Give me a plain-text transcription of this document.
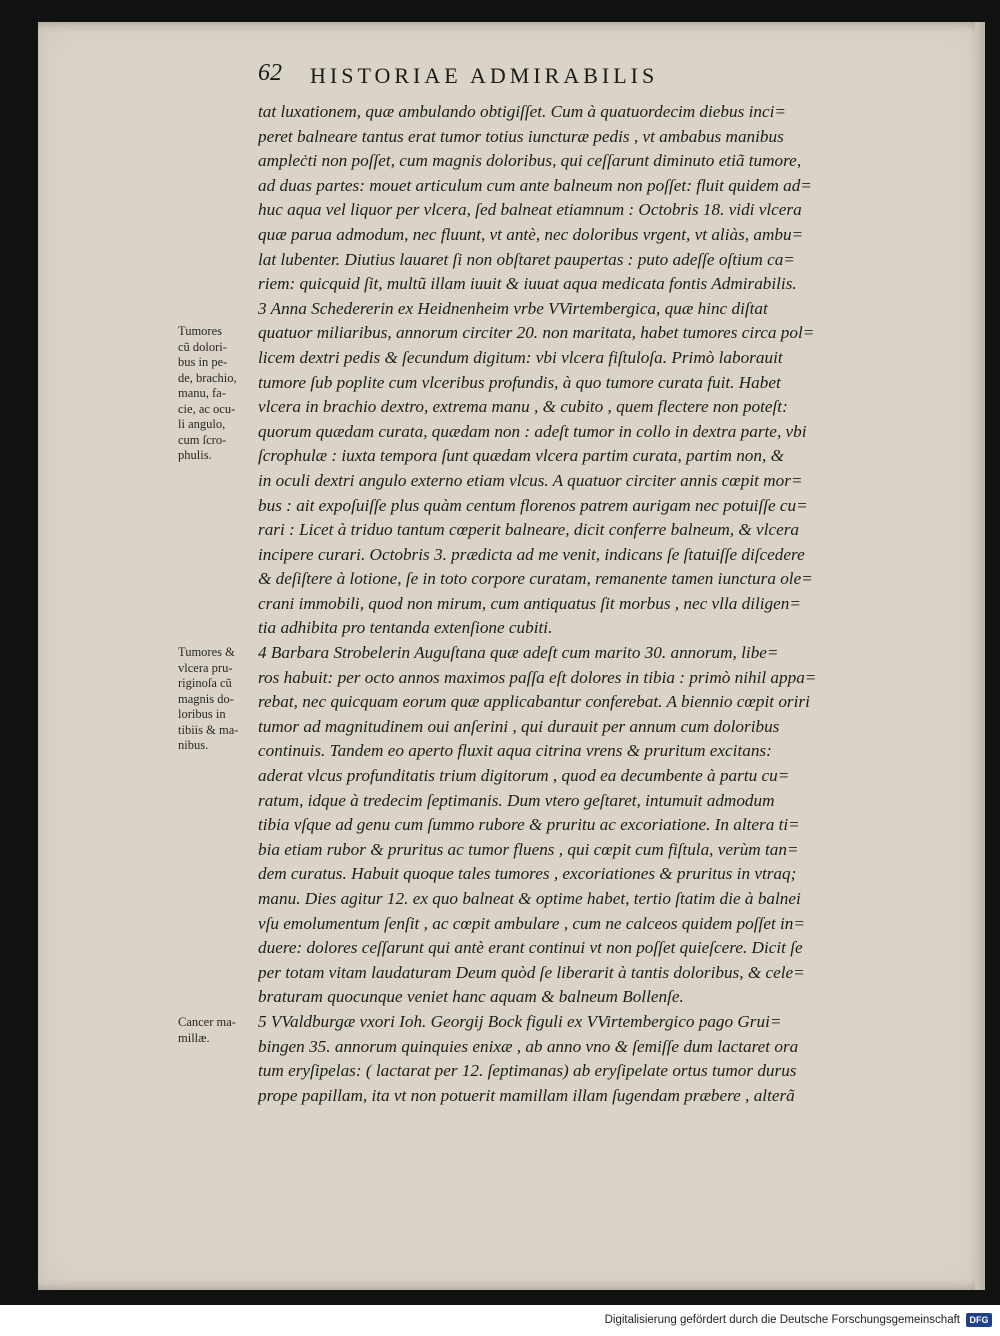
62 HISTORIAE ADMIRABILIS
tat luxationem, quæ ambulando obtigiſſet. Cum à quatuordecim diebus inci=
peret balneare tantus erat tumor totius iuncturæ pedis , vt ambabus manibus
ampleċti non poſſet, cum magnis doloribus, qui ceſſarunt diminuto etiã tumore,
ad duas partes: mouet articulum cum ante balneum non poſſet: fluit quidem ad=
huc aqua vel liquor per vlcera, ſed balneat etiamnum : Octobris 18. vidi vlcera
quæ parua admodum, nec fluunt, vt antè, nec doloribus vrgent, vt aliàs, ambu=
lat lubenter. Diutius lauaret ſi non obſtaret paupertas : puto adeſſe oſtium ca=
riem: quicquid ſit, multũ illam iuuit & iuuat aqua medicata fontis Admirabilis.
3 Anna Schedererin ex Heidnenheim vrbe VVirtembergica, quæ hinc diſtat
quatuor miliaribus, annorum circiter 20. non maritata, habet tumores circa pol=
licem dextri pedis & ſecundum digitum: vbi vlcera fiſtuloſa. Primò laborauit
tumore ſub poplite cum vlceribus profundis, à quo tumore curata fuit. Habet
vlcera in brachio dextro, extrema manu , & cubito , quem flectere non poteſt:
quorum quædam curata, quædam non : adeſt tumor in collo in dextra parte, vbi
ſcrophulæ : iuxta tempora ſunt quædam vlcera partim curata, partim non, &
in oculi dextri angulo externo etiam vlcus. A quatuor circiter annis cœpit mor=
bus : ait expoſuiſſe plus quàm centum florenos patrem aurigam nec potuiſſe cu=
rari : Licet à triduo tantum cœperit balneare, dicit conferre balneum, & vlcera
incipere curari. Octobris 3. prædicta ad me venit, indicans ſe ſtatuiſſe diſcedere
& deſiſtere à lotione, ſe in toto corpore curatam, remanente tamen iunctura ole=
crani immobili, quod non mirum, cum antiquatus ſit morbus , nec vlla diligen=
tia adhibita pro tentanda extenſione cubiti.
4 Barbara Strobelerin Auguſtana quæ adeſt cum marito 30. annorum, libe=
ros habuit: per octo annos maximos paſſa eſt dolores in tibia : primò nihil appa=
rebat, nec quicquam eorum quæ applicabantur conferebat. A biennio cœpit oriri
tumor ad magnitudinem oui anſerini , qui durauit per annum cum doloribus
continuis. Tandem eo aperto fluxit aqua citrina vrens & pruritum excitans:
aderat vlcus profunditatis trium digitorum , quod ea decumbente à partu cu=
ratum, idque à tredecim ſeptimanis. Dum vtero geſtaret, intumuit admodum
tibia vſque ad genu cum ſummo rubore & pruritu ac excoriatione. In altera ti=
bia etiam rubor & pruritus ac tumor fluens , qui cœpit cum fiſtula, verùm tan=
dem curatus. Habuit quoque tales tumores , excoriationes & pruritus in vtraq;
manu. Dies agitur 12. ex quo balneat & optime habet, tertio ſtatim die à balnei
vſu emolumentum ſenſit , ac cœpit ambulare , cum ne calceos quidem poſſet in=
duere: dolores ceſſarunt qui antè erant continui vt non poſſet quieſcere. Dicit ſe
per totam vitam laudaturam Deum quòd ſe liberarit à tantis doloribus, & cele=
braturam quocunque veniet hanc aquam & balneum Bollenſe.
5 VValdburgæ vxori Ioh. Georgij Bock figuli ex VVirtembergico pago Grui=
bingen 35. annorum quinquies enixæ , ab anno vno & ſemiſſe dum lactaret ora
tum eryſipelas: ( lactarat per 12. ſeptimanas) ab eryſipelate ortus tumor durus
prope papillam, ita vt non potuerit mamillam illam ſugendam præbere , alterã
Tumores
cũ dolori-
bus in pe-
de, brachio,
manu, fa-
cie, ac ocu-
li angulo,
cum ſcro-
phulis.
Tumores &
vlcera pru-
riginoſa cũ
magnis do-
loribus in
tibiis & ma-
nibus.
Cancer ma-
millæ.
Digitalisierung gefördert durch die Deutsche Forschungsgemeinschaft	DFG
